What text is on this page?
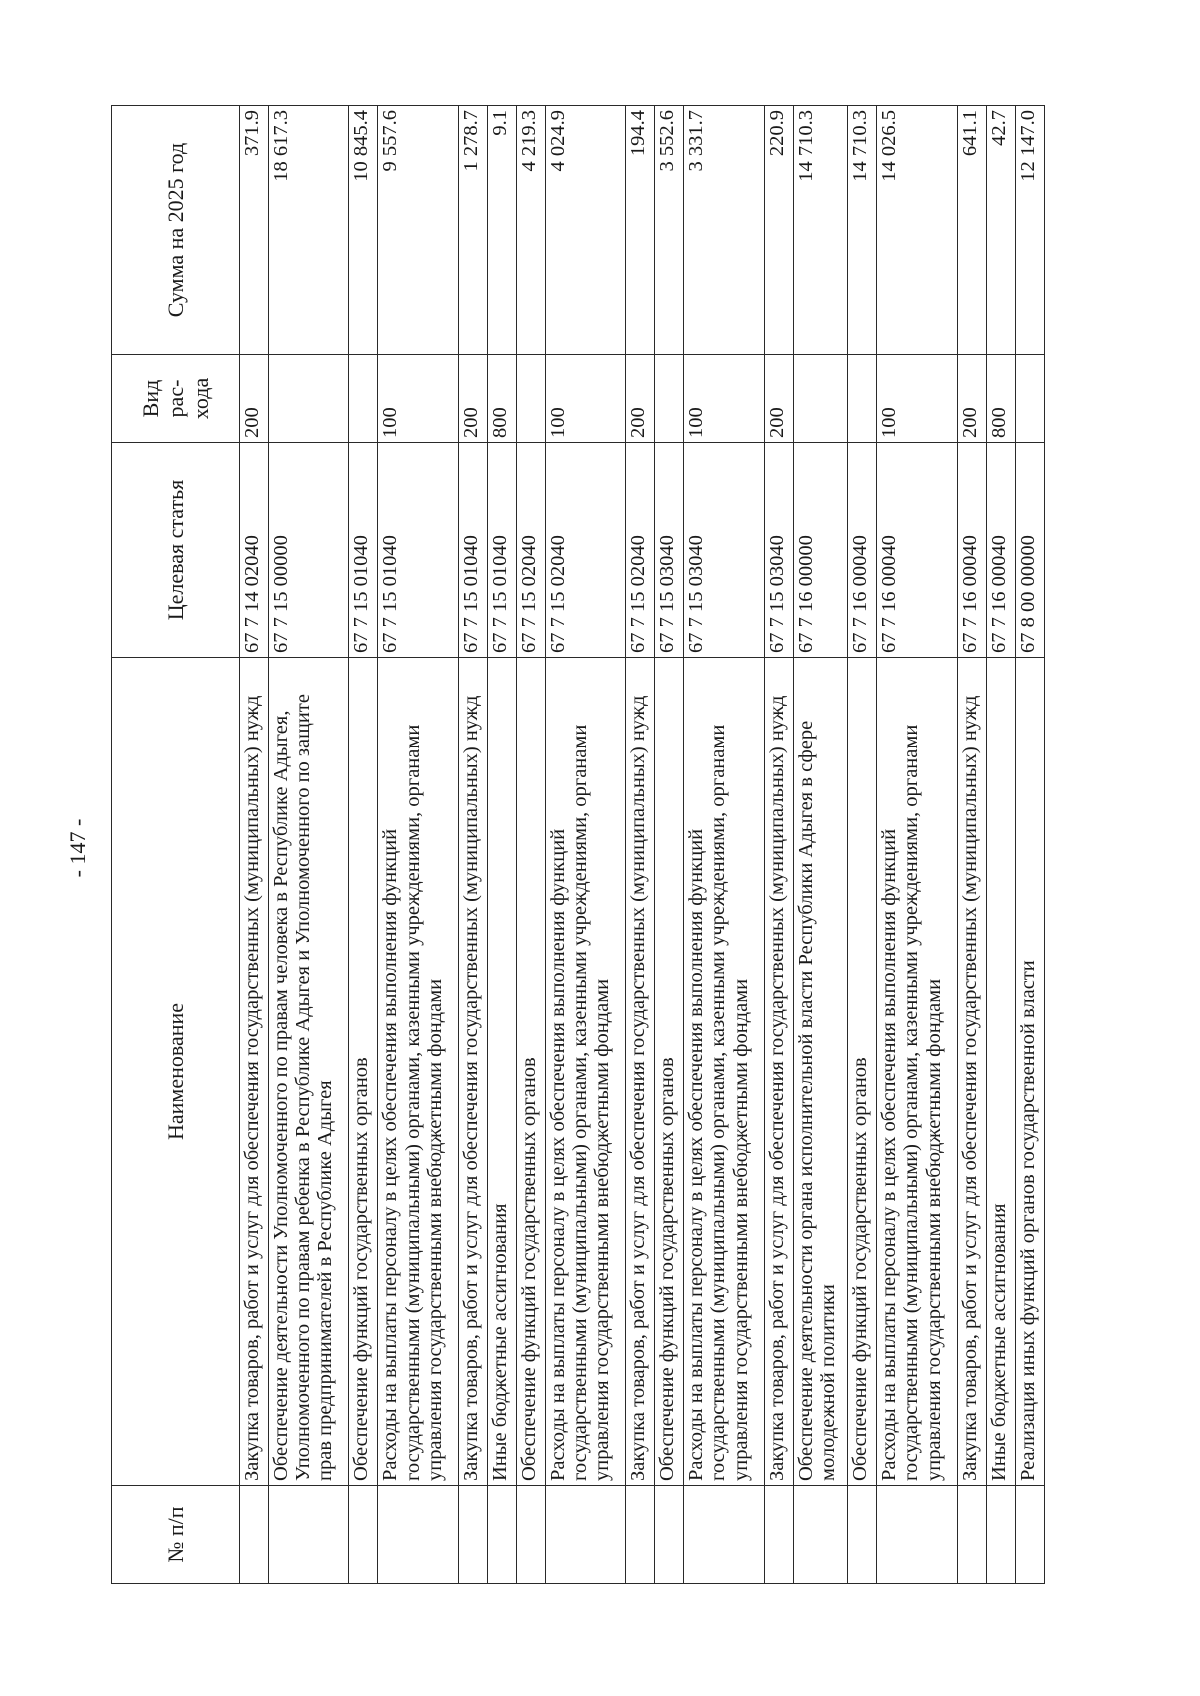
- 147 -
№ п/п	Наименование	Целевая статья	Вид рас-хода	Сумма на 2025 год
	Закупка товаров, работ и услуг для обеспечения государственных (муниципальных) нужд	67 7 14 02040	200	371.9
	Обеспечение деятельности Уполномоченного по правам человека в Республике Адыгея, Уполномоченного по правам ребенка в Республике Адыгея и Уполномоченного по защите прав предпринимателей в Республике Адыгея	67 7 15 00000		18 617.3
	Обеспечение функций государственных органов	67 7 15 01040		10 845.4
	Расходы на выплаты персоналу в целях обеспечения выполнения функций государственными (муниципальными) органами, казенными учреждениями, органами управления государственными внебюджетными фондами	67 7 15 01040	100	9 557.6
	Закупка товаров, работ и услуг для обеспечения государственных (муниципальных) нужд	67 7 15 01040	200	1 278.7
	Иные бюджетные ассигнования	67 7 15 01040	800	9.1
	Обеспечение функций государственных органов	67 7 15 02040		4 219.3
	Расходы на выплаты персоналу в целях обеспечения выполнения функций государственными (муниципальными) органами, казенными учреждениями, органами управления государственными внебюджетными фондами	67 7 15 02040	100	4 024.9
	Закупка товаров, работ и услуг для обеспечения государственных (муниципальных) нужд	67 7 15 02040	200	194.4
	Обеспечение функций государственных органов	67 7 15 03040		3 552.6
	Расходы на выплаты персоналу в целях обеспечения выполнения функций государственными (муниципальными) органами, казенными учреждениями, органами управления государственными внебюджетными фондами	67 7 15 03040	100	3 331.7
	Закупка товаров, работ и услуг для обеспечения государственных (муниципальных) нужд	67 7 15 03040	200	220.9
	Обеспечение деятельности органа исполнительной власти Республики Адыгея в сфере молодежной политики	67 7 16 00000		14 710.3
	Обеспечение функций государственных органов	67 7 16 00040		14 710.3
	Расходы на выплаты персоналу в целях обеспечения выполнения функций государственными (муниципальными) органами, казенными учреждениями, органами управления государственными внебюджетными фондами	67 7 16 00040	100	14 026.5
	Закупка товаров, работ и услуг для обеспечения государственных (муниципальных) нужд	67 7 16 00040	200	641.1
	Иные бюджетные ассигнования	67 7 16 00040	800	42.7
	Реализация иных функций органов государственной власти	67 8 00 00000		12 147.0
